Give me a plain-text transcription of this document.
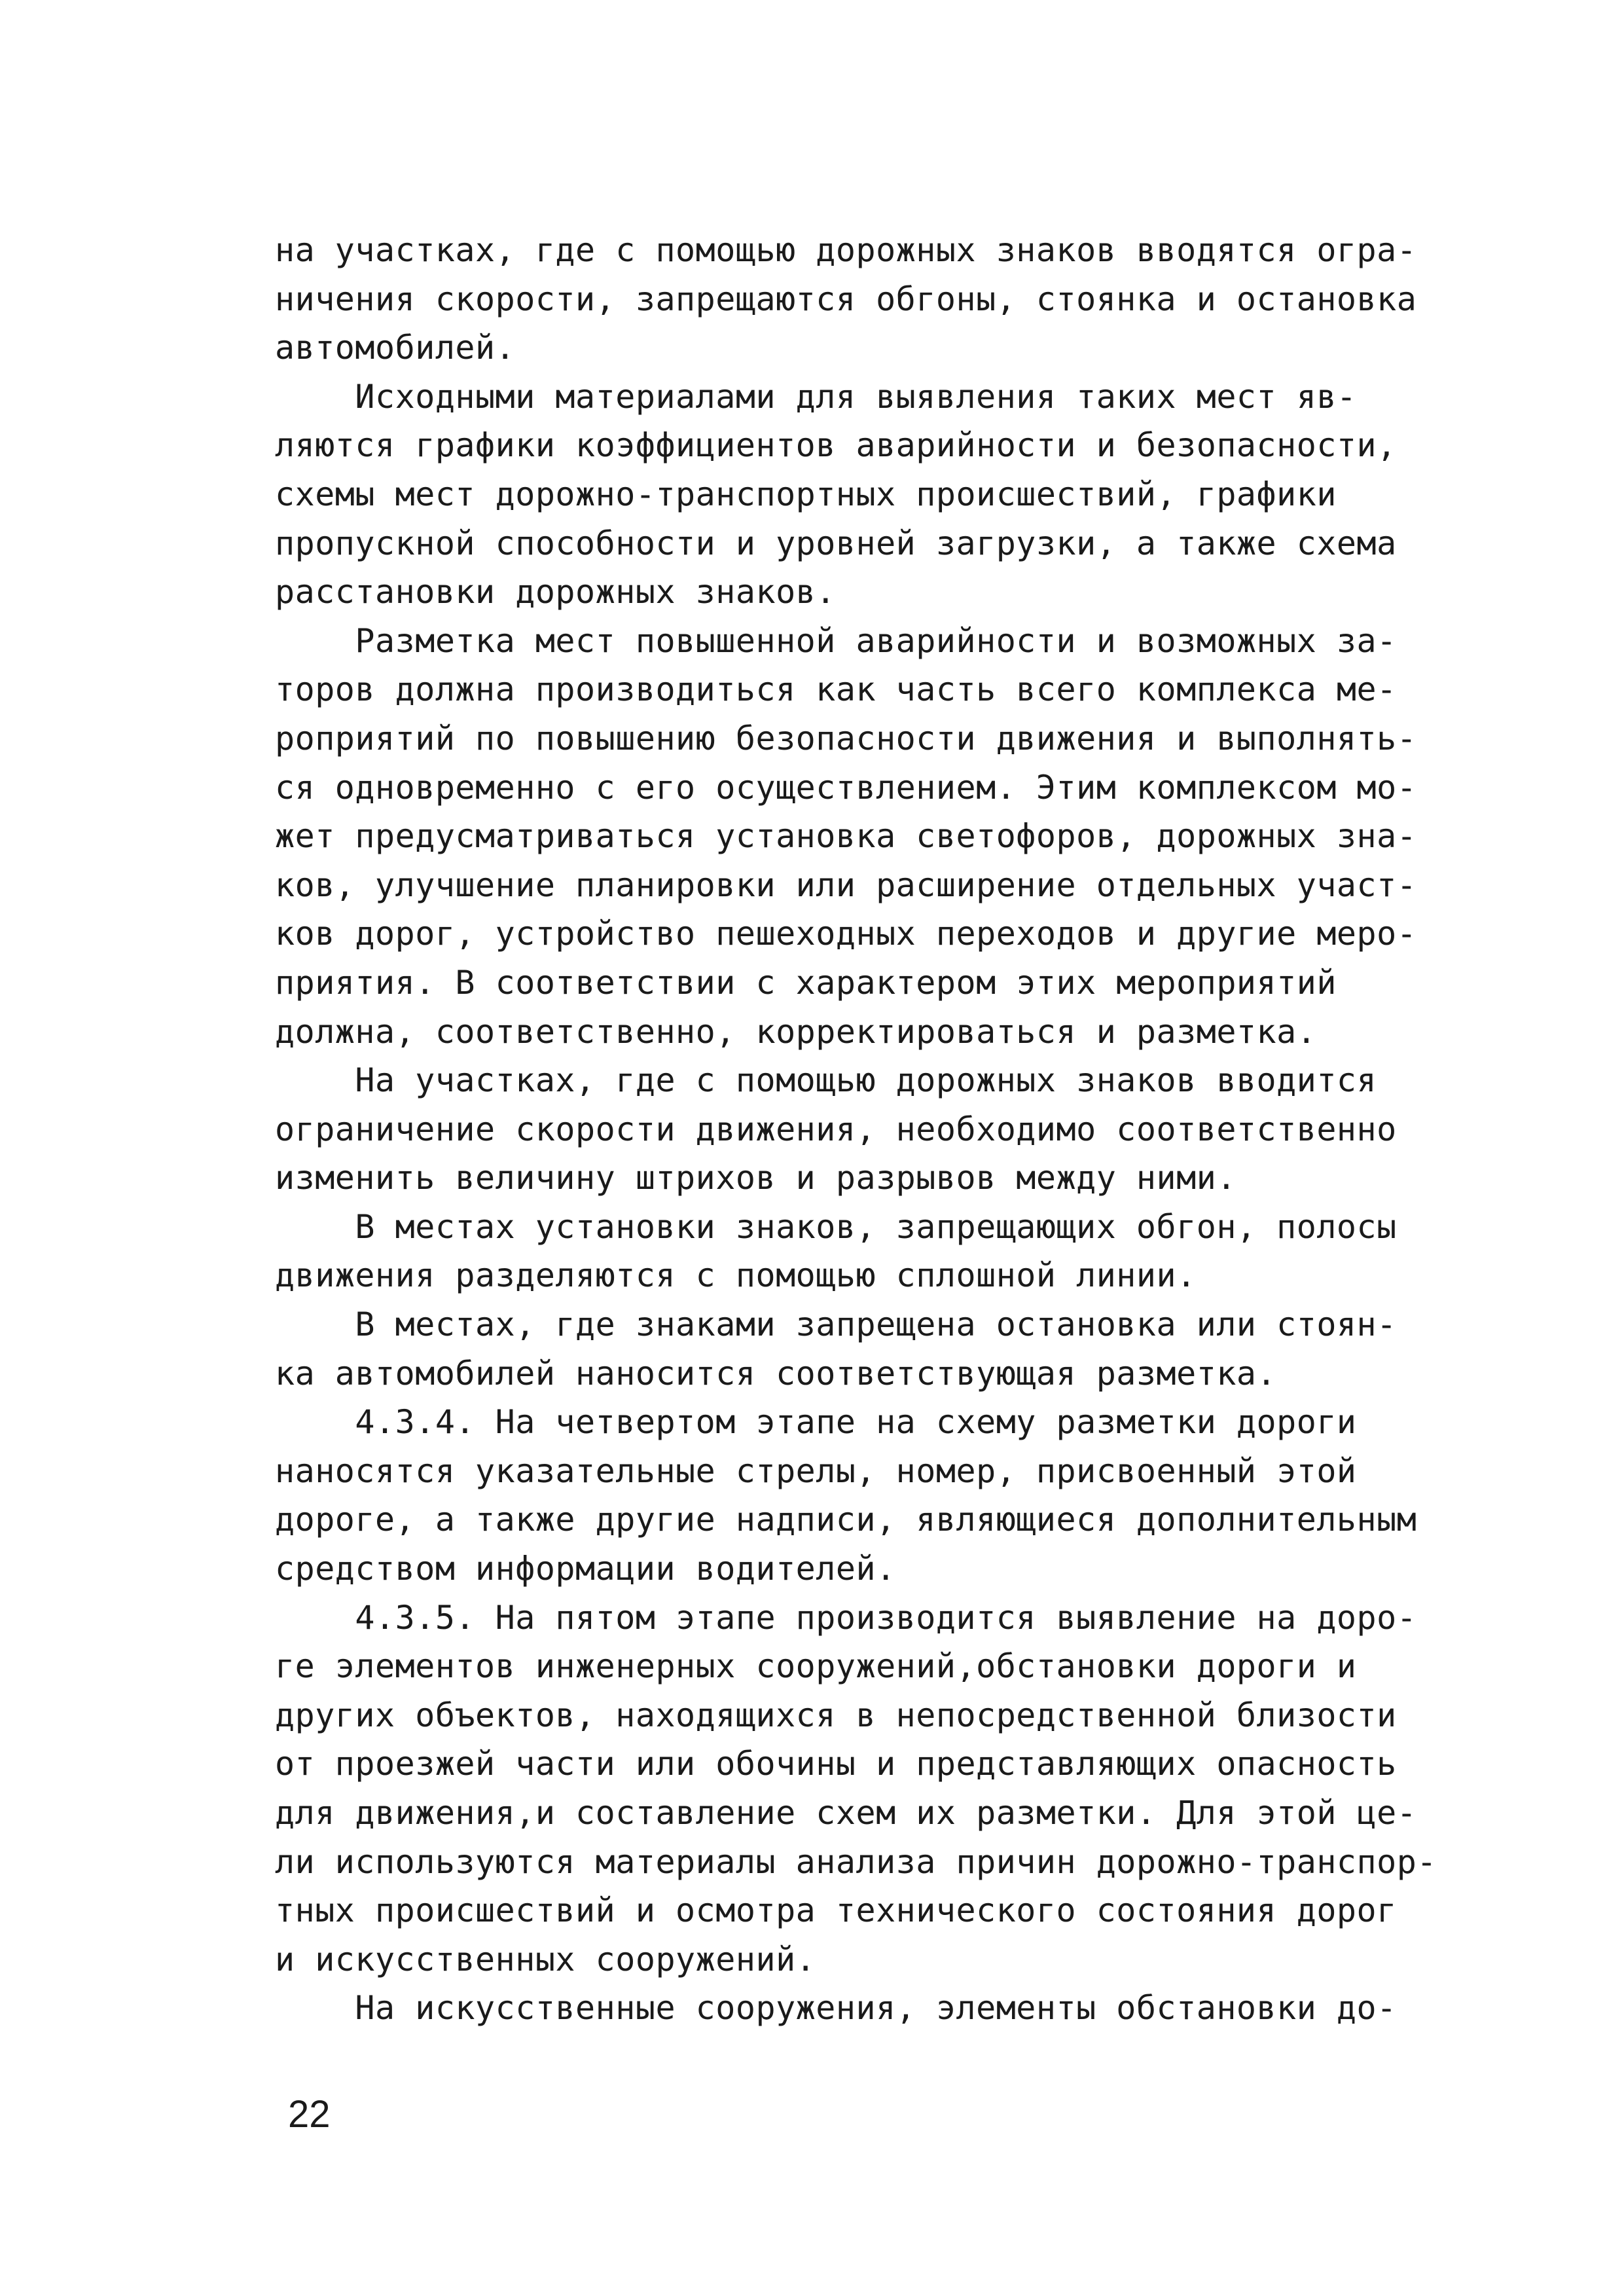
на участках, где с помощью дорожных знаков вводятся огра-
ничения скорости, запрещаются обгоны, стоянка и остановка
автомобилей.
Исходными материалами для выявления таких мест яв-
ляются графики коэффициентов аварийности и безопасности,
схемы мест дорожно-транспортных происшествий, графики
пропускной способности и уровней загрузки, а также схема
расстановки дорожных знаков.
Разметка мест повышенной аварийности и возможных за-
торов должна производиться как часть всего комплекса ме-
роприятий по повышению безопасности движения и выполнять-
ся одновременно с его осуществлением. Этим комплексом мо-
жет предусматриваться установка светофоров, дорожных зна-
ков, улучшение планировки или расширение отдельных участ-
ков дорог, устройство пешеходных переходов и другие меро-
приятия. В соответствии с характером этих мероприятий
должна, соответственно, корректироваться и разметка.
На участках, где с помощью дорожных знаков вводится
ограничение скорости движения, необходимо соответственно
изменить величину штрихов и разрывов между ними.
В местах установки знаков, запрещающих обгон, полосы
движения разделяются с помощью сплошной линии.
В местах, где знаками запрещена остановка или стоян-
ка автомобилей наносится соответствующая разметка.
4.3.4. На четвертом этапе на схему разметки дороги
наносятся указательные стрелы, номер, присвоенный этой
дороге, а также другие надписи, являющиеся дополнительным
средством информации водителей.
4.3.5. На пятом этапе производится выявление на доро-
ге элементов инженерных сооружений,обстановки дороги и
других объектов, находящихся в непосредственной близости
от проезжей части или обочины и представляющих опасность
для движения,и составление схем их разметки. Для этой це-
ли используются материалы анализа причин дорожно-транспор-
тных происшествий и осмотра технического состояния дорог
и искусственных сооружений.
На искусственные сооружения, элементы обстановки до-
22
